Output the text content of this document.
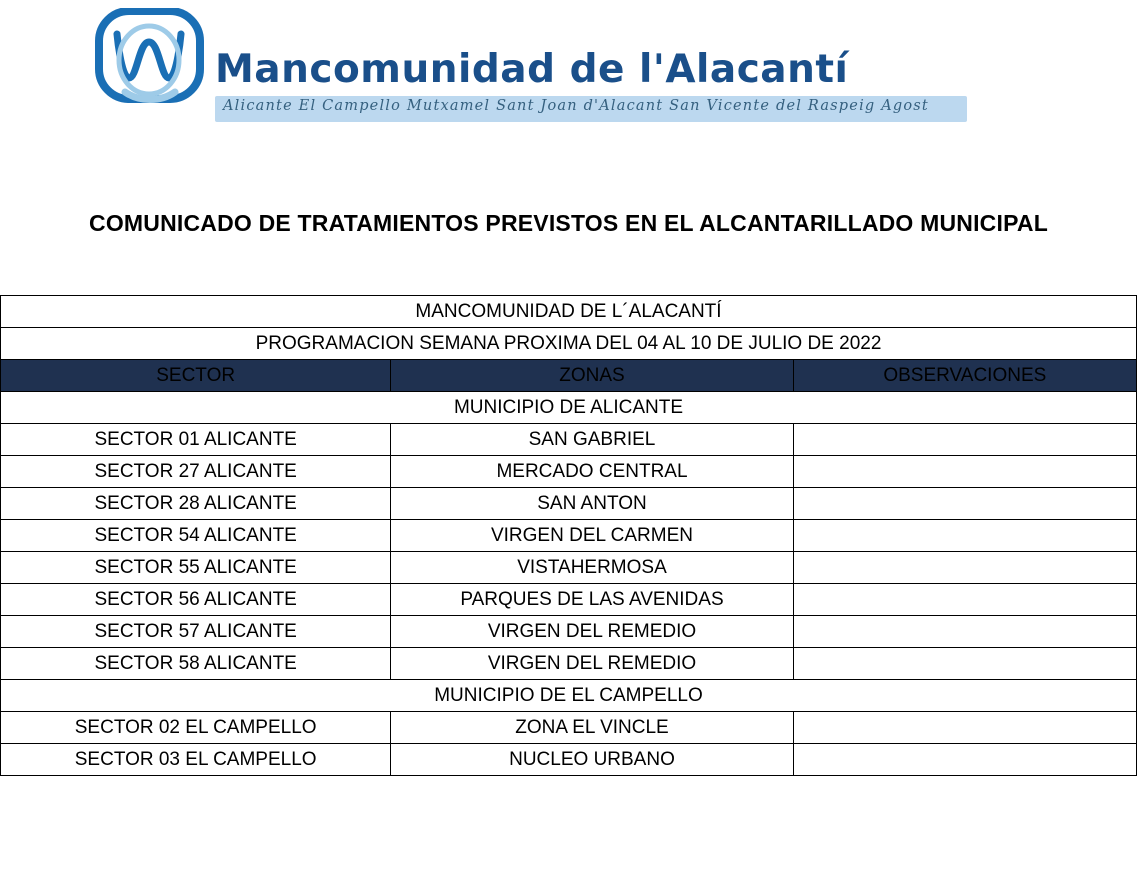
Mancomunidad de l'Alacantí
Alicante El Campello Mutxamel Sant Joan d'Alacant San Vicente del Raspeig Agost
COMUNICADO DE TRATAMIENTOS PREVISTOS EN EL ALCANTARILLADO MUNICIPAL
MANCOMUNIDAD DE L´ALACANTÍ		
PROGRAMACION SEMANA PROXIMA DEL 04 AL 10 DE JULIO DE 2022		
SECTOR	ZONAS	OBSERVACIONES
MUNICIPIO DE ALICANTE		
SECTOR 01 ALICANTE	SAN GABRIEL	
SECTOR 27 ALICANTE	MERCADO CENTRAL	
SECTOR 28 ALICANTE	SAN ANTON	
SECTOR 54 ALICANTE	VIRGEN DEL CARMEN	
SECTOR 55 ALICANTE	VISTAHERMOSA	
SECTOR 56 ALICANTE	PARQUES DE LAS AVENIDAS	
SECTOR 57 ALICANTE	VIRGEN DEL REMEDIO	
SECTOR 58 ALICANTE	VIRGEN DEL REMEDIO	
MUNICIPIO DE EL CAMPELLO		
SECTOR 02 EL CAMPELLO	ZONA EL VINCLE	
SECTOR 03 EL CAMPELLO	NUCLEO URBANO	
